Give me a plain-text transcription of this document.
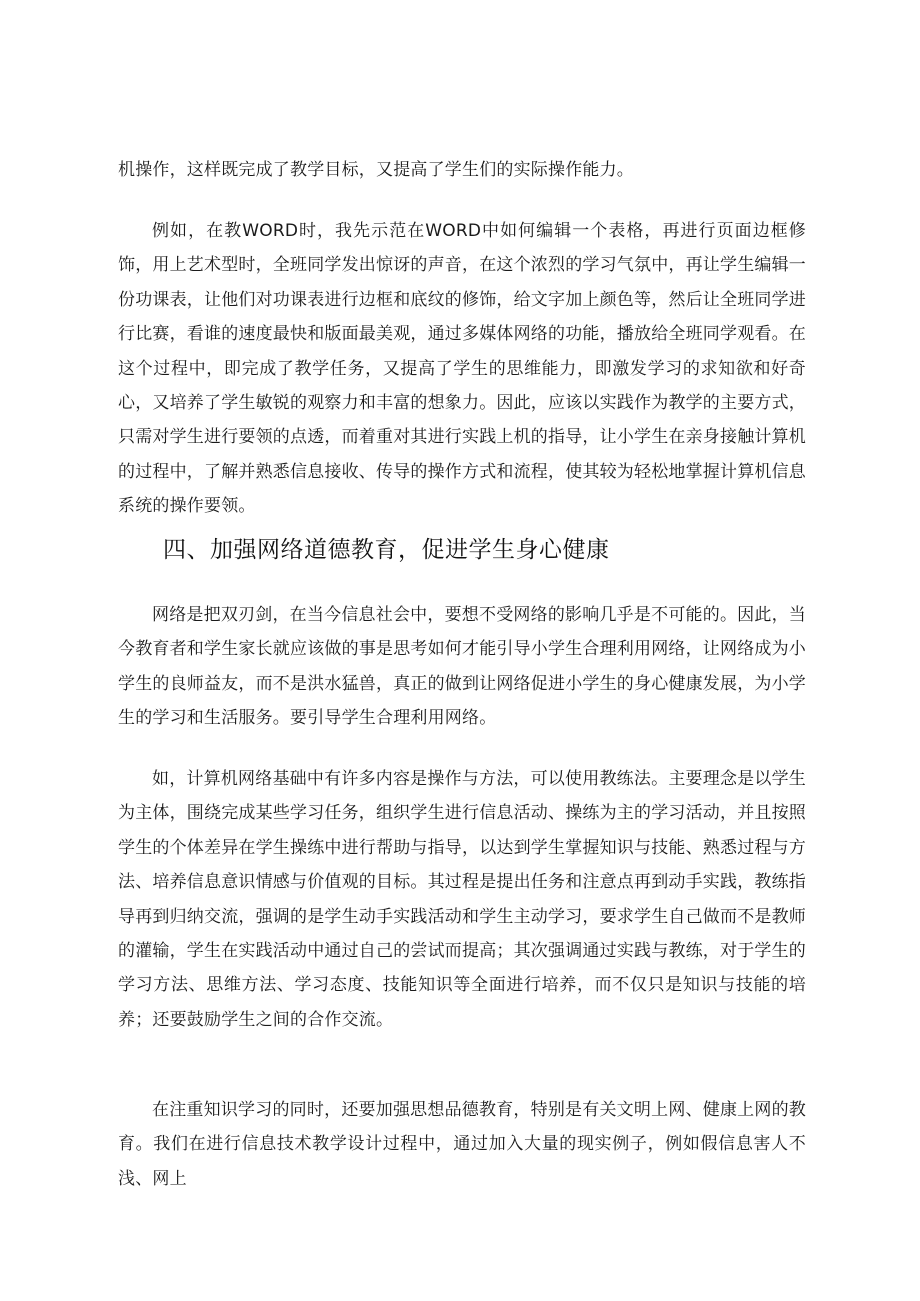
机操作，这样既完成了教学目标，又提高了学生们的实际操作能力。

例如，在教WORD时，我先示范在WORD中如何编辑一个表格，再进行页面边框修饰，用上艺术型时，全班同学发出惊讶的声音，在这个浓烈的学习气氛中，再让学生编辑一份功课表，让他们对功课表进行边框和底纹的修饰，给文字加上颜色等，然后让全班同学进行比赛，看谁的速度最快和版面最美观，通过多媒体网络的功能，播放给全班同学观看。在这个过程中，即完成了教学任务，又提高了学生的思维能力，即激发学习的求知欲和好奇心，又培养了学生敏锐的观察力和丰富的想象力。因此，应该以实践作为教学的主要方式，只需对学生进行要领的点透，而着重对其进行实践上机的指导，让小学生在亲身接触计算机的过程中，了解并熟悉信息接收、传导的操作方式和流程，使其较为轻松地掌握计算机信息系统的操作要领。

四、加强网络道德教育，促进学生身心健康

网络是把双刃剑，在当今信息社会中，要想不受网络的影响几乎是不可能的。因此，当今教育者和学生家长就应该做的事是思考如何才能引导小学生合理利用网络，让网络成为小学生的良师益友，而不是洪水猛兽，真正的做到让网络促进小学生的身心健康发展，为小学生的学习和生活服务。要引导学生合理利用网络。

如，计算机网络基础中有许多内容是操作与方法，可以使用教练法。主要理念是以学生为主体，围绕完成某些学习任务，组织学生进行信息活动、操练为主的学习活动，并且按照学生的个体差异在学生操练中进行帮助与指导，以达到学生掌握知识与技能、熟悉过程与方法、培养信息意识情感与价值观的目标。其过程是提出任务和注意点再到动手实践，教练指导再到归纳交流，强调的是学生动手实践活动和学生主动学习，要求学生自己做而不是教师的灌输，学生在实践活动中通过自己的尝试而提高；其次强调通过实践与教练，对于学生的学习方法、思维方法、学习态度、技能知识等全面进行培养，而不仅只是知识与技能的培养；还要鼓励学生之间的合作交流。

在注重知识学习的同时，还要加强思想品德教育，特别是有关文明上网、健康上网的教育。我们在进行信息技术教学设计过程中，通过加入大量的现实例子，例如假信息害人不浅、网上
